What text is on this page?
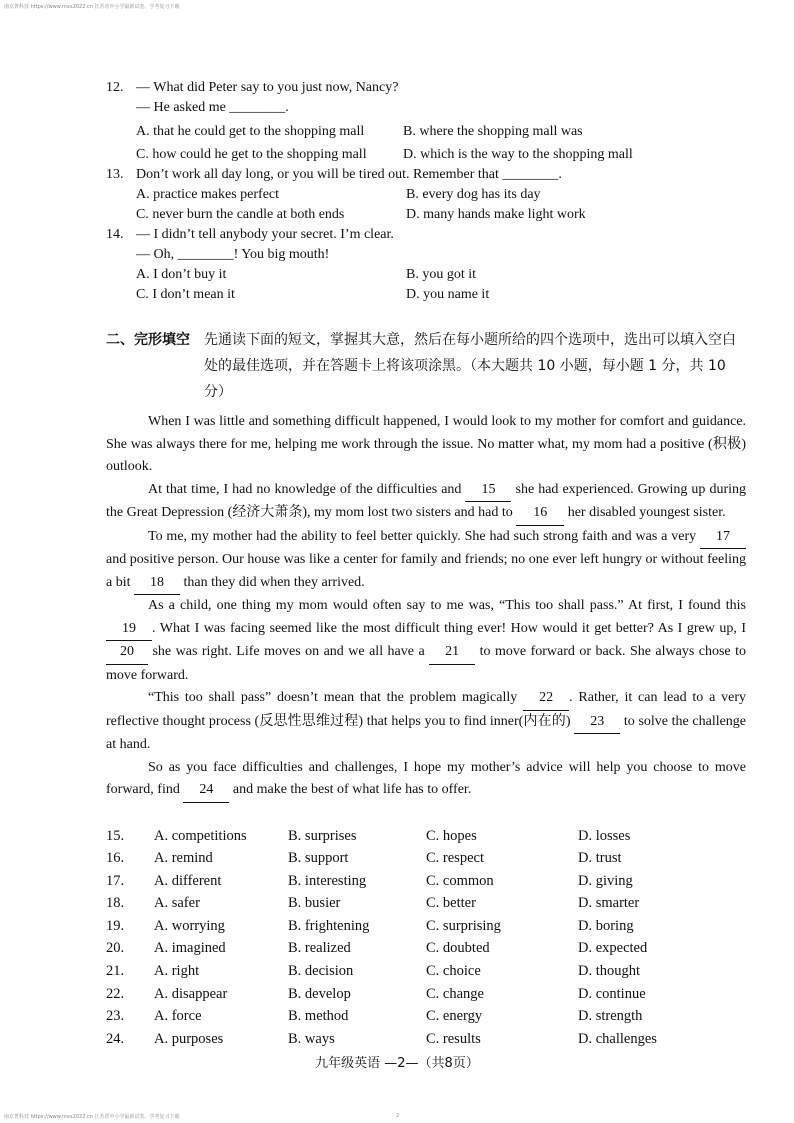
南京菁科技 https://www.mxx2022.cn 江苏省中小学最新试卷、学考复习下载
12. — What did Peter say to you just now, Nancy?
— He asked me ________.
A. that he could get to the shopping mall	B. where the shopping mall was
C. how could he get to the shopping mall	D. which is the way to the shopping mall
13. Don’t work all day long, or you will be tired out. Remember that ________.
A. practice makes perfect	B. every dog has its day
C. never burn the candle at both ends	D. many hands make light work
14. — I didn’t tell anybody your secret. I’m clear.
— Oh, ________! You big mouth!
A. I don’t buy it	B. you got it
C. I don’t mean it	D. you name it
二、完形填空	先通读下面的短文，掌握其大意，然后在每小题所给的四个选项中，选出可以填入空白处的最佳选项，并在答题卡上将该项涂黑。（本大题共 10 小题，每小题 1 分，共 10 分）

When I was little and something difficult happened, I would look to my mother for comfort and guidance. She was always there for me, helping me work through the issue. No matter what, my mom had a positive (积极) outlook.

At that time, I had no knowledge of the difficulties and 15 she had experienced. Growing up during the Great Depression (经济大萧条), my mom lost two sisters and had to 16 her disabled youngest sister.

To me, my mother had the ability to feel better quickly. She had such strong faith and was a very 17 and positive person. Our house was like a center for family and friends; no one ever left hungry or without feeling a bit 18 than they did when they arrived.

As a child, one thing my mom would often say to me was, “This too shall pass.” At first, I found this 19 . What I was facing seemed like the most difficult thing ever! How would it get better? As I grew up, I 20 she was right. Life moves on and we all have a 21 to move forward or back. She always chose to move forward.

“This too shall pass” doesn’t mean that the problem magically 22 . Rather, it can lead to a very reflective thought process (反思性思维过程) that helps you to find inner(内在的) 23 to solve the challenge at hand.

So as you face difficulties and challenges, I hope my mother’s advice will help you choose to move forward, find 24 and make the best of what life has to offer.

15.	A. competitions	B. surprises	C. hopes	D. losses
16.	A. remind	B. support	C. respect	D. trust
17.	A. different	B. interesting	C. common	D. giving
18.	A. safer	B. busier	C. better	D. smarter
19.	A. worrying	B. frightening	C. surprising	D. boring
20.	A. imagined	B. realized	C. doubted	D. expected
21.	A. right	B. decision	C. choice	D. thought
22.	A. disappear	B. develop	C. change	D. continue
23.	A. force	B. method	C. energy	D. strength
24.	A. purposes	B. ways	C. results	D. challenges
九年级英语 —2—（共8页）
南京菁科技 https://www.mxx2022.cn 江苏省中小学最新试卷、学考复习下载	2
